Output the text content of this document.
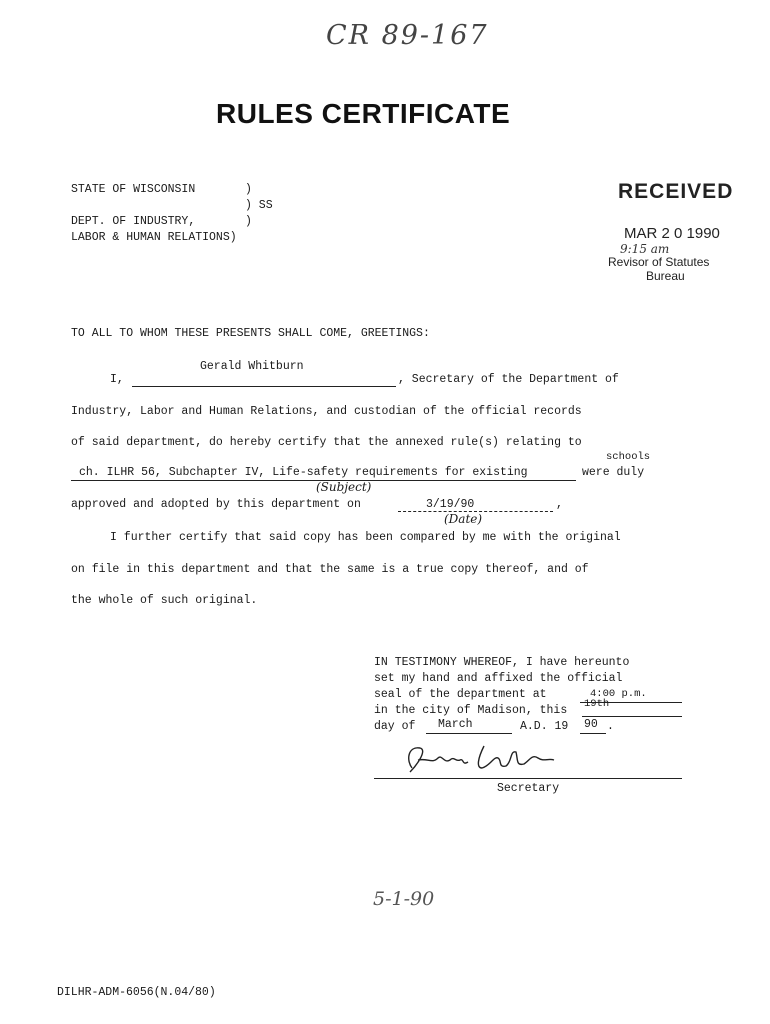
CR 89-167
RULES CERTIFICATE
STATE OF WISCONSIN	)
) SS
DEPT. OF INDUSTRY,	)
LABOR & HUMAN RELATIONS)
RECEIVED
MAR 2 0 1990
9:15 am
Revisor of Statutes
Bureau
TO ALL TO WHOM THESE PRESENTS SHALL COME, GREETINGS:
I,
Gerald Whitburn
, Secretary of the Department of
Industry, Labor and Human Relations, and custodian of the official records
of said department, do hereby certify that the annexed rule(s) relating to
schools
ch. ILHR 56, Subchapter IV, Life-safety requirements for existing	were duly
(Subject)
approved and adopted by this department on	3/19/90	,
(Date)
I further certify that said copy has been compared by me with the original
on file in this department and that the same is a true copy thereof, and of
the whole of such original.
IN TESTIMONY WHEREOF, I have hereunto
set my hand and affixed the official
seal of the department at	4:00 p.m.
in the city of Madison, this 19th
day of March	A.D. 19 90 .
Secretary
5-1-90
DILHR-ADM-6056(N.04/80)
